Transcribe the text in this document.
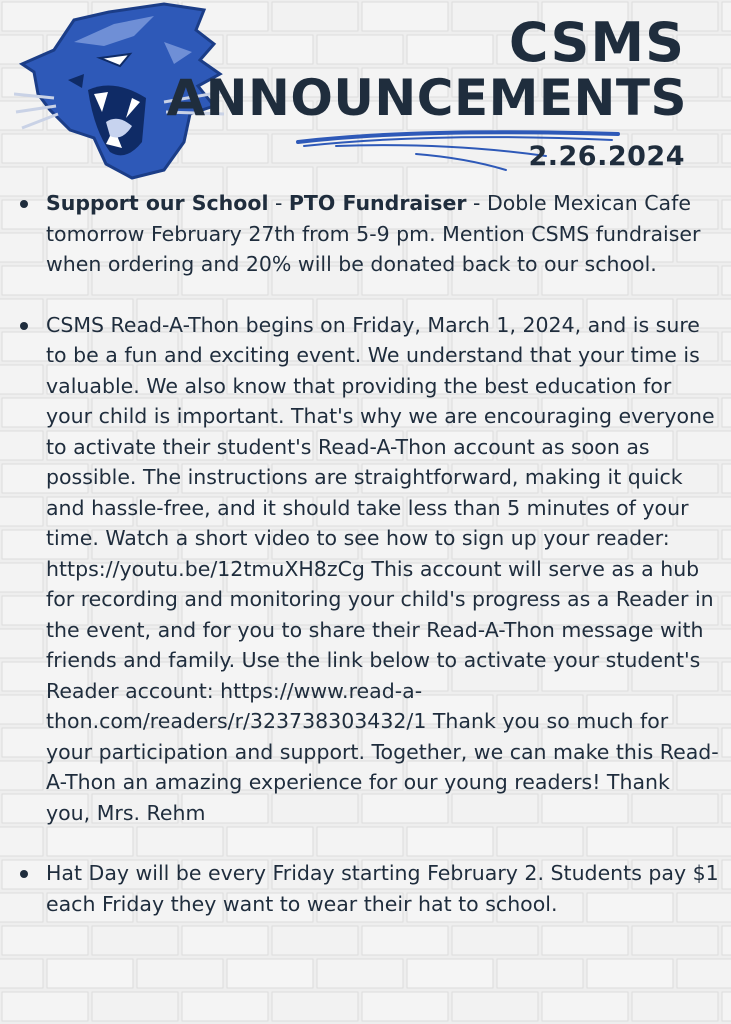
CSMS
ANNOUNCEMENTS
2.26.2024
Support our School - PTO Fundraiser - Doble Mexican Cafe tomorrow February 27th from 5-9 pm. Mention CSMS fundraiser when ordering and 20% will be donated back to our school.
CSMS Read-A-Thon begins on Friday, March 1, 2024, and is sure to be a fun and exciting event. We understand that your time is valuable. We also know that providing the best education for your child is important. That's why we are encouraging everyone to activate their student's Read-A-Thon account as soon as possible. The instructions are straightforward, making it quick and hassle-free, and it should take less than 5 minutes of your time. Watch a short video to see how to sign up your reader: https://youtu.be/12tmuXH8zCg This account will serve as a hub for recording and monitoring your child's progress as a Reader in the event, and for you to share their Read-A-Thon message with friends and family. Use the link below to activate your student's Reader account: https://www.read-a-thon.com/readers/r/323738303432/1 Thank you so much for your participation and support. Together, we can make this Read-A-Thon an amazing experience for our young readers! Thank you, Mrs. Rehm
Hat Day will be every Friday starting February 2. Students pay $1 each Friday they want to wear their hat to school.
